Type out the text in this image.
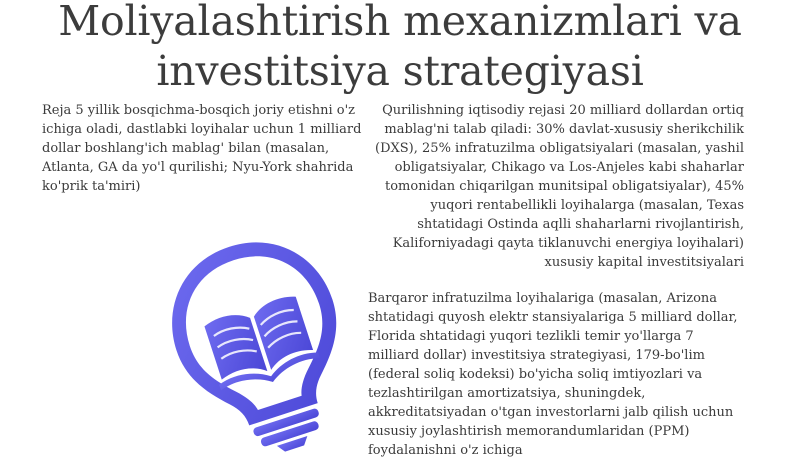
Moliyalashtirish mexanizmlari va
investitsiya strategiyasi
Reja 5 yillik bosqichma-bosqich joriy etishni o'z ichiga oladi, dastlabki loyihalar uchun 1 milliard dollar boshlang'ich mablag' bilan (masalan, Atlanta, GA da yo'l qurilishi; Nyu-York shahrida ko'prik ta'miri)
Qurilishning iqtisodiy rejasi 20 milliard dollardan ortiq mablag'ni talab qiladi: 30% davlat-xususiy sherikchilik (DXS), 25% infratuzilma obligatsiyalari (masalan, yashil obligatsiyalar, Chikago va Los-Anjeles kabi shaharlar tomonidan chiqarilgan munitsipal obligatsiyalar), 45% yuqori rentabellikli loyihalarga (masalan, Texas shtatidagi Ostinda aqlli shaharlarni rivojlantirish, Kaliforniyadagi qayta tiklanuvchi energiya loyihalari) xususiy kapital investitsiyalari
Barqaror infratuzilma loyihalariga (masalan, Arizona shtatidagi quyosh elektr stansiyalariga 5 milliard dollar, Florida shtatidagi yuqori tezlikli temir yo'llarga 7 milliard dollar) investitsiya strategiyasi, 179-bo'lim (federal soliq kodeksi) bo'yicha soliq imtiyozlari va tezlashtirilgan amortizatsiya, shuningdek, akkreditatsiyadan o'tgan investorlarni jalb qilish uchun xususiy joylashtirish memorandumlaridan (PPM) foydalanishni o'z ichiga
